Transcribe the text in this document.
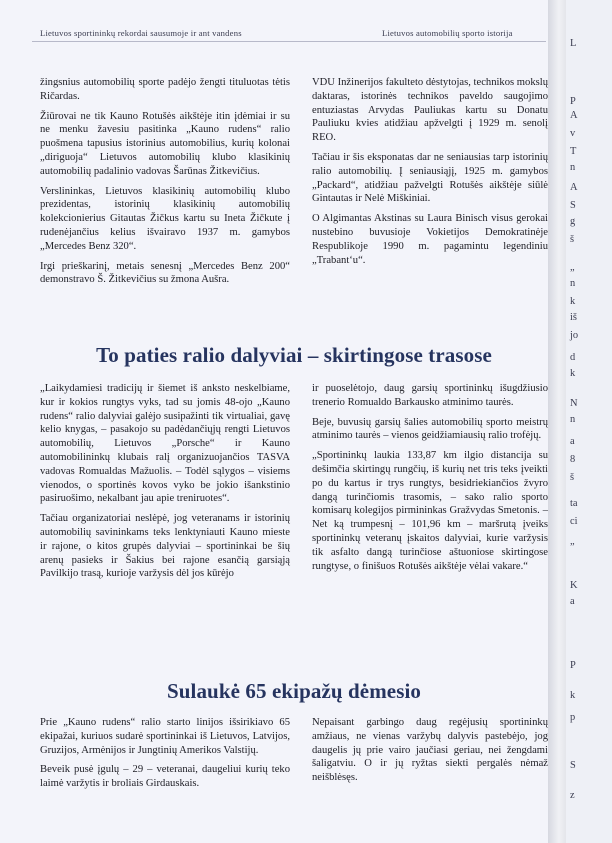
Lietuvos sportininkų rekordai sausumoje ir ant vandens	Lietuvos automobilių sporto istorija

žingsnius automobilių sporte padėjo žengti tituluotas tėtis Ričardas.

Žiūrovai ne tik Kauno Rotušės aikštėje itin įdėmiai ir su ne menku žavesiu pasitinka „Kauno rudens“ ralio puošmena tapusius istorinius automobilius, kurių kolonai „diriguoja“ Lietuvos automobilių klubo klasikinių automobilių padalinio vadovas Šarūnas Žitkevičius.

Verslininkas, Lietuvos klasikinių automobilių klubo prezidentas, istorinių klasikinių automobilių kolekcionierius Gitautas Žičkus kartu su Ineta Žičkute į rudenėjančius kelius išvairavo 1937 m. gamybos „Mercedes Benz 320“.

Irgi prieškarinį, metais senesnį „Mercedes Benz 200“ demonstravo Š. Žitkevičius su žmona Aušra.

VDU Inžinerijos fakulteto dėstytojas, technikos mokslų daktaras, istorinės technikos paveldo saugojimo entuziastas Arvydas Pauliukas kartu su Donatu Pauliuku kvies atidžiau apžvelgti į 1929 m. senolį REO.

Tačiau ir šis eksponatas dar ne seniausias tarp istorinių ralio automobilių. Į seniausiąjį, 1925 m. gamybos „Packard“, atidžiau pažvelgti Rotušės aikštėje siūlė Gintautas ir Nelė Miškiniai.

O Algimantas Akstinas su Laura Binisch visus gerokai nustebino buvusioje Vokietijos Demokratinėje Respublikoje 1990 m. pagamintu legendiniu „Trabant‘u“.

To paties ralio dalyviai – skirtingose trasose

„Laikydamiesi tradicijų ir šiemet iš anksto neskelbiame, kur ir kokios rungtys vyks, tad su jomis 48-ojo „Kauno rudens“ ralio dalyviai galėjo susipažinti tik virtualiai, gavę kelio knygas, – pasakojo su padėdančiųjų rengti Lietuvos automobilių, Lietuvos „Porsche“ ir Kauno automobilininkų klubais ralį organizuojančios TASVA vadovas Romualdas Mažuolis. – Todėl sąlygos – visiems vienodos, o sportinės kovos vyko be jokio išankstinio pasiruošimo, nekalbant jau apie treniruotes“.

Tačiau organizatoriai neslėpė, jog veteranams ir istorinių automobilių savininkams teks lenktyniauti Kauno mieste ir rajone, o kitos grupės dalyviai – sportininkai be šių arenų pasieks ir Šakius bei rajone esančią garsiąją Pavilkijo trasą, kurioje varžysis dėl jos kūrėjo

ir puoselėtojo, daug garsių sportininkų išugdžiusio trenerio Romualdo Barkausko atminimo taurės.

Beje, buvusių garsių šalies automobilių sporto meistrų atminimo taurės – vienos geidžiamiausių ralio trofėjų.

„Sportininkų laukia 133,87 km ilgio distancija su dešimčia skirtingų rungčių, iš kurių net tris teks įveikti po du kartus ir trys rungtys, besidriekiančios žvyro dangą turinčiomis trasomis, – sako ralio sporto komisarų kolegijos pirmininkas Gražvydas Smetonis. – Net ką trumpesnį – 101,96 km – maršrutą įveiks sportininkų veteranų įskaitos dalyviai, kurie varžysis tik asfalto dangą turinčiose aštuoniose skirtingose rungtyse, o finišuos Rotušės aikštėje vėlai vakare.“

Sulaukė 65 ekipažų dėmesio

Prie „Kauno rudens“ ralio starto linijos išsirikiavo 65 ekipažai, kuriuos sudarė sportininkai iš Lietuvos, Latvijos, Gruzijos, Armėnijos ir Jungtinių Amerikos Valstijų.

Beveik pusė įgulų – 29 – veteranai, daugeliui kurių teko laimė varžytis ir broliais Girdauskais.

Nepaisant garbingo daug regėjusių sportininkų amžiaus, ne vienas varžybų dalyvis pastebėjo, jog daugelis jų prie vairo jaučiasi geriau, nei žengdami šaligatviu. O ir jų ryžtas siekti pergalės nėmaž neišblėsęs.

L
P
A
v
T
n
A
S
g
š
„
n
k
iš
jo
d
k
N
n
a
8
š
ta
ci
„
K
a
P
k
p
S
z
